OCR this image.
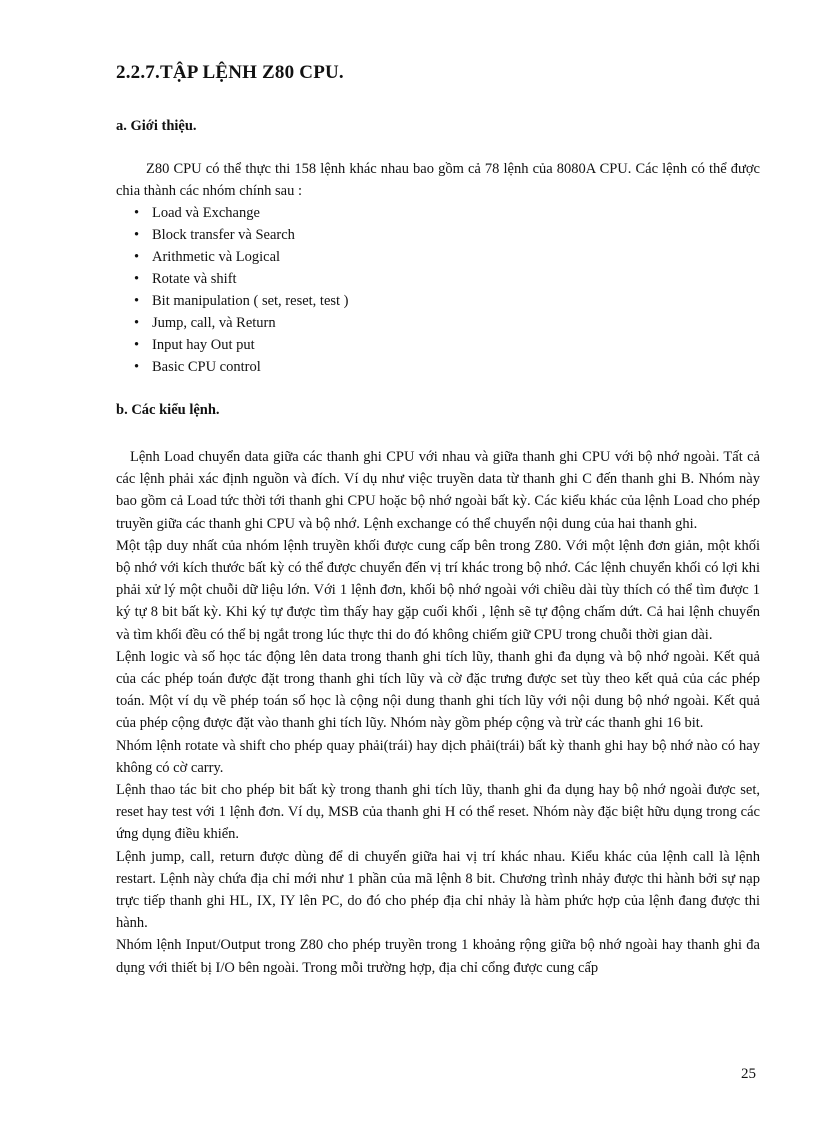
2.2.7.TẬP LỆNH Z80 CPU.
a. Giới thiệu.

Z80 CPU có thể thực thi 158 lệnh khác nhau bao gồm cả 78 lệnh của 8080A CPU. Các lệnh có thể được chia thành các nhóm chính sau :

• Load và Exchange
• Block transfer và Search
• Arithmetic và Logical
• Rotate và shift
• Bit manipulation ( set, reset, test )
• Jump, call, và Return
• Input hay Out put
• Basic CPU control
b. Các kiểu lệnh.

Lệnh Load chuyển data giữa các thanh ghi CPU với nhau và giữa thanh ghi CPU với bộ nhớ ngoài. Tất cả các lệnh phải xác định nguồn và đích. Ví dụ như việc truyền data từ thanh ghi C đến thanh ghi B. Nhóm này bao gồm cả Load tức thời tới thanh ghi CPU hoặc bộ nhớ ngoài bất kỳ. Các kiểu khác của lệnh Load cho phép truyền giữa các thanh ghi CPU và bộ nhớ. Lệnh exchange có thể chuyển nội dung của hai thanh ghi.

Một tập duy nhất của nhóm lệnh truyền khối được cung cấp bên trong Z80. Với một lệnh đơn giản, một khối bộ nhớ với kích thước bất kỳ có thể được chuyển đến vị trí khác trong bộ nhớ. Các lệnh chuyển khối có lợi khi phải xử lý một chuỗi dữ liệu lớn. Với 1 lệnh đơn, khối bộ nhớ ngoài với chiều dài tùy thích có thể tìm được 1 ký tự 8 bit bất kỳ. Khi ký tự được tìm thấy hay gặp cuối khối , lệnh sẽ tự động chấm dứt. Cả hai lệnh chuyển và tìm khối đều có thể bị ngắt trong lúc thực thi do đó không chiếm giữ CPU trong chuỗi thời gian dài.

Lệnh logic và số học tác động lên data trong thanh ghi tích lũy, thanh ghi đa dụng và bộ nhớ ngoài. Kết quả của các phép toán được đặt trong thanh ghi tích lũy và cờ đặc trưng được set tùy theo kết quả của các phép toán. Một ví dụ về phép toán số học là cộng nội dung thanh ghi tích lũy với nội dung bộ nhớ ngoài. Kết quả của phép cộng được đặt vào thanh ghi tích lũy. Nhóm này gồm phép cộng và trừ các thanh ghi 16 bit.

Nhóm lệnh rotate và shift cho phép quay phải(trái) hay dịch phải(trái) bất kỳ thanh ghi hay bộ nhớ nào có hay không có cờ carry.

Lệnh thao tác bit cho phép bit bất kỳ trong thanh ghi tích lũy, thanh ghi đa dụng hay bộ nhớ ngoài được set, reset hay test với 1 lệnh đơn. Ví dụ, MSB của thanh ghi H có thể reset. Nhóm này đặc biệt hữu dụng trong các ứng dụng điều khiển.

Lệnh jump, call, return được dùng để di chuyển giữa hai vị trí khác nhau. Kiểu khác của lệnh call là lệnh restart. Lệnh này chứa địa chỉ mới như 1 phần của mã lệnh 8 bit. Chương trình nhảy được thi hành bởi sự nạp trực tiếp thanh ghi HL, IX, IY lên PC, do đó cho phép địa chỉ nhảy là hàm phức hợp của lệnh đang được thi hành.

Nhóm lệnh Input/Output trong Z80 cho phép truyền trong 1 khoảng rộng giữa bộ nhớ ngoài hay thanh ghi đa dụng với thiết bị I/O bên ngoài. Trong mỗi trường hợp, địa chỉ cổng được cung cấp

25
